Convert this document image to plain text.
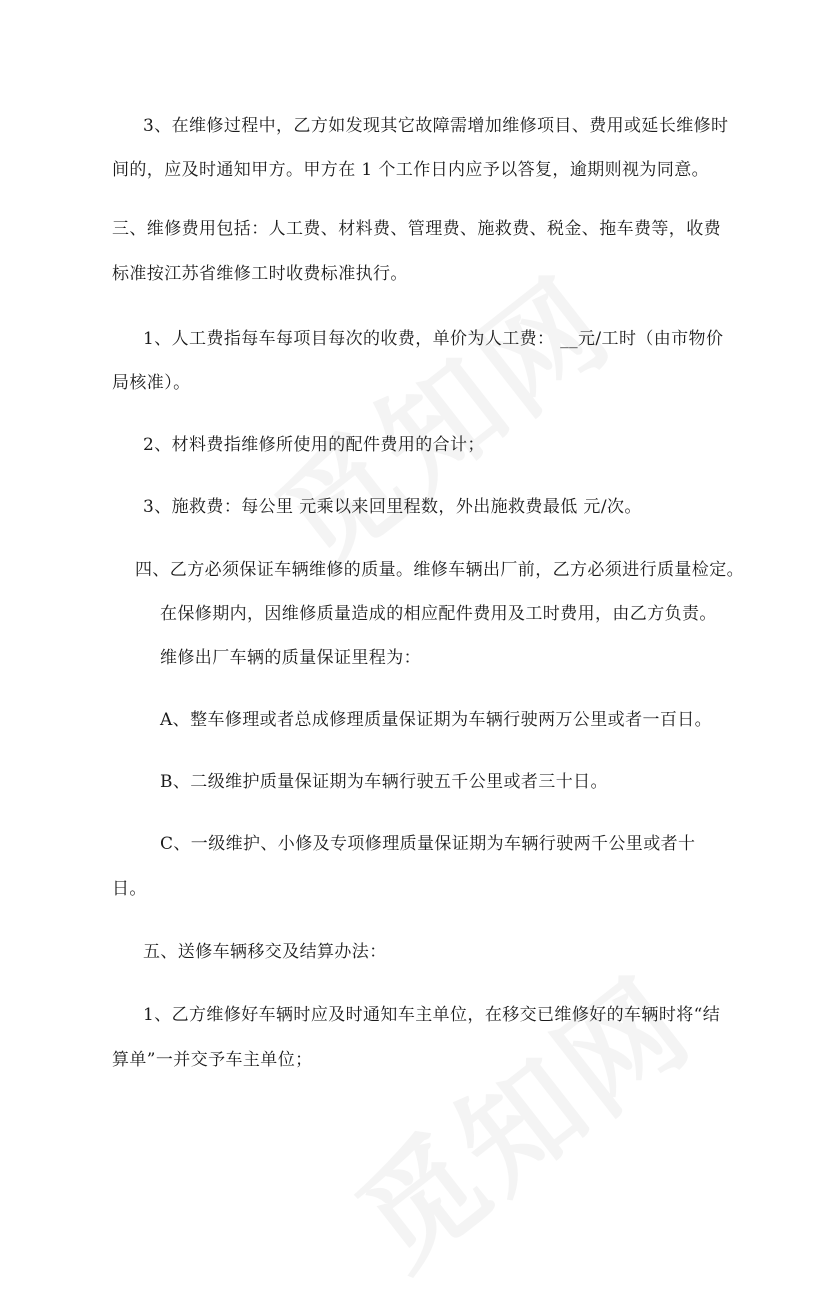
3、在维修过程中，乙方如发现其它故障需增加维修项目、费用或延长维修时
间的，应及时通知甲方。甲方在 1 个工作日内应予以答复，逾期则视为同意。
三、维修费用包括：人工费、材料费、管理费、施救费、税金、拖车费等，收费
标准按江苏省维修工时收费标准执行。
1、人工费指每车每项目每次的收费，单价为人工费： __元/工时（由市物价
局核准）。
2、材料费指维修所使用的配件费用的合计；
3、施救费：每公里 元乘以来回里程数，外出施救费最低 元/次。
四、乙方必须保证车辆维修的质量。维修车辆出厂前，乙方必须进行质量检定。
在保修期内，因维修质量造成的相应配件费用及工时费用，由乙方负责。
维修出厂车辆的质量保证里程为：
A、整车修理或者总成修理质量保证期为车辆行驶两万公里或者一百日。
B、二级维护质量保证期为车辆行驶五千公里或者三十日。
C、一级维护、小修及专项修理质量保证期为车辆行驶两千公里或者十
日。
五、送修车辆移交及结算办法：
1、乙方维修好车辆时应及时通知车主单位，在移交已维修好的车辆时将“结
算单”一并交予车主单位；
